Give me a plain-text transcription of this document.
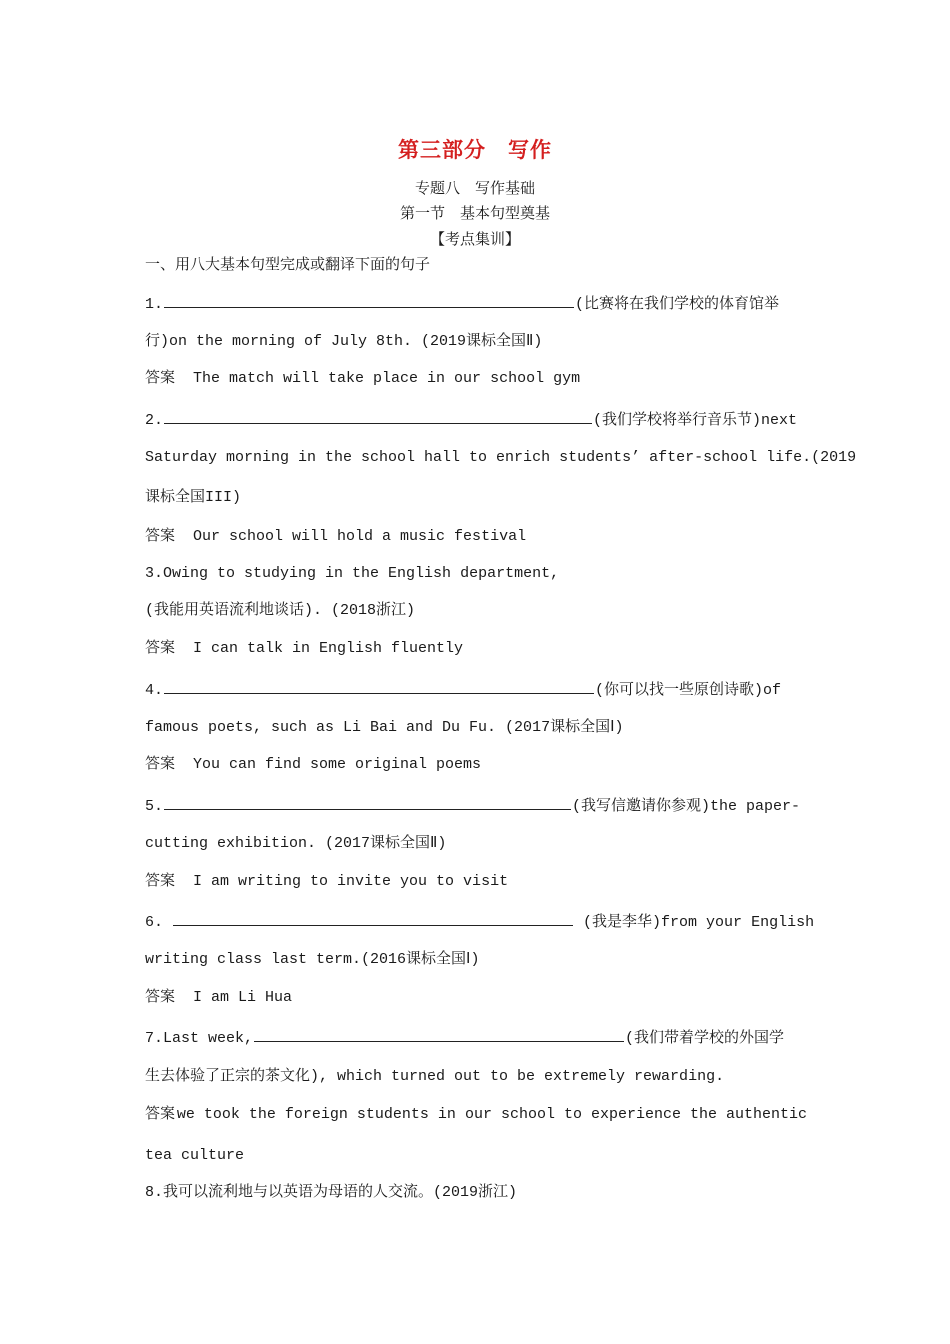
第三部分　写作
专题八　写作基础
第一节　基本句型奠基
【考点集训】
一、用八大基本句型完成或翻译下面的句子
1.	(比赛将在我们学校的体育馆举
行)on the morning of July 8th. (2019课标全国Ⅱ)
答案 The match will take place in our school gym
2.	(我们学校将举行音乐节)next
Saturday morning in the school hall to enrich students’ after-school life.(2019
课标全国III)
答案 Our school will hold a music festival
3.Owing to studying in the English department,
(我能用英语流利地谈话). (2018浙江)
答案 I can talk in English fluently
4.	(你可以找一些原创诗歌)of
famous poets, such as Li Bai and Du Fu. (2017课标全国Ⅰ)
答案 You can find some original poems
5.	(我写信邀请你参观)the paper-
cutting exhibition. (2017课标全国Ⅱ)
答案 I am writing to invite you to visit
6.	(我是李华)from your English
writing class last term.(2016课标全国Ⅰ)
答案 I am Li Hua
7.Last week,	(我们带着学校的外国学
生去体验了正宗的茶文化), which turned out to be extremely rewarding.
答案 we took the foreign students in our school to experience the authentic
tea culture
8.我可以流利地与以英语为母语的人交流。(2019浙江)
